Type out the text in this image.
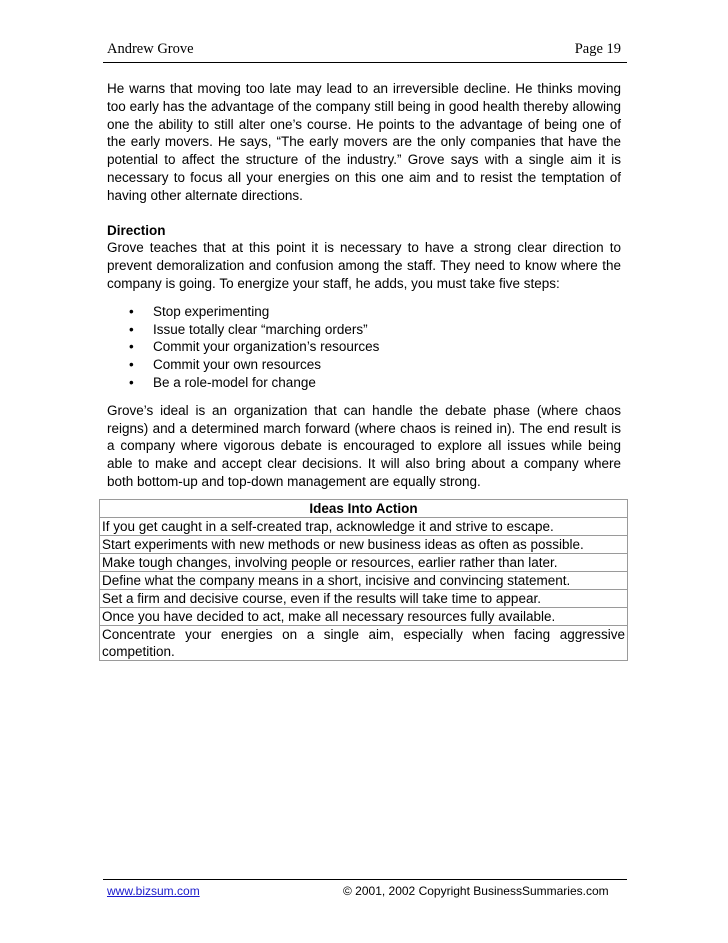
Andrew Grove	Page 19

He warns that moving too late may lead to an irreversible decline. He thinks moving too early has the advantage of the company still being in good health thereby allowing one the ability to still alter one’s course. He points to the advantage of being one of the early movers. He says, “The early movers are the only companies that have the potential to affect the structure of the industry.” Grove says with a single aim it is necessary to focus all your energies on this one aim and to resist the temptation of having other alternate directions.

Direction

Grove teaches that at this point it is necessary to have a strong clear direction to prevent demoralization and confusion among the staff. They need to know where the company is going. To energize your staff, he adds, you must take five steps:

• Stop experimenting
• Issue totally clear “marching orders”
• Commit your organization’s resources
• Commit your own resources
• Be a role-model for change

Grove’s ideal is an organization that can handle the debate phase (where chaos reigns) and a determined march forward (where chaos is reined in). The end result is a company where vigorous debate is encouraged to explore all issues while being able to make and accept clear decisions. It will also bring about a company where both bottom-up and top-down management are equally strong.

Ideas Into Action
If you get caught in a self-created trap, acknowledge it and strive to escape.
Start experiments with new methods or new business ideas as often as possible.
Make tough changes, involving people or resources, earlier rather than later.
Define what the company means in a short, incisive and convincing statement.
Set a firm and decisive course, even if the results will take time to appear.
Once you have decided to act, make all necessary resources fully available.
Concentrate your energies on a single aim, especially when facing aggressive competition.
www.bizsum.com	© 2001, 2002 Copyright BusinessSummaries.com
